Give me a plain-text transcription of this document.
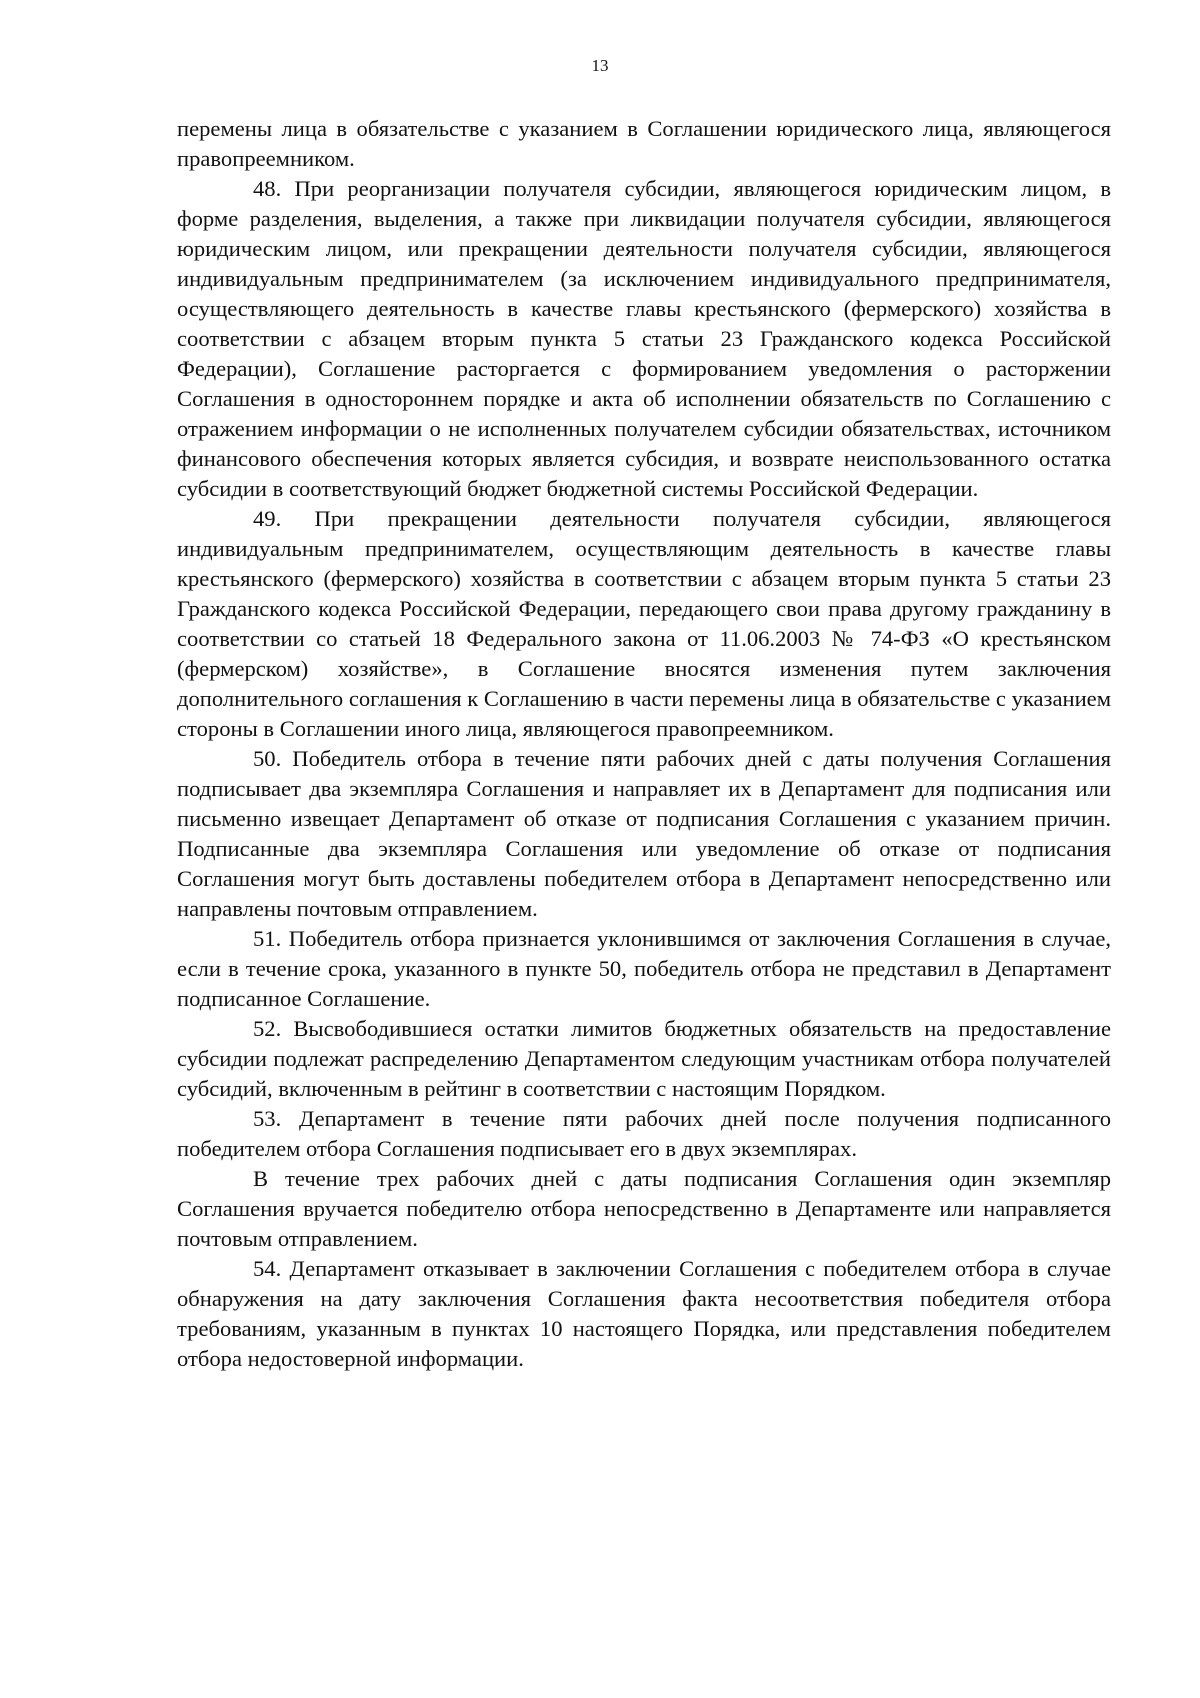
13

перемены лица в обязательстве с указанием в Соглашении юридического лица, являющегося правопреемником.

48. При реорганизации получателя субсидии, являющегося юридическим лицом, в форме разделения, выделения, а также при ликвидации получателя субсидии, являющегося юридическим лицом, или прекращении деятельности получателя субсидии, являющегося индивидуальным предпринимателем (за исключением индивидуального предпринимателя, осуществляющего деятельность в качестве главы крестьянского (фермерского) хозяйства в соответствии с абзацем вторым пункта 5 статьи 23 Гражданского кодекса Российской Федерации), Соглашение расторгается с формированием уведомления о расторжении Соглашения в одностороннем порядке и акта об исполнении обязательств по Соглашению с отражением информации о не исполненных получателем субсидии обязательствах, источником финансового обеспечения которых является субсидия, и возврате неиспользованного остатка субсидии в соответствующий бюджет бюджетной системы Российской Федерации.

49. При прекращении деятельности получателя субсидии, являющегося индивидуальным предпринимателем, осуществляющим деятельность в качестве главы крестьянского (фермерского) хозяйства в соответствии с абзацем вторым пункта 5 статьи 23 Гражданского кодекса Российской Федерации, передающего свои права другому гражданину в соответствии со статьей 18 Федерального закона от 11.06.2003 № 74-ФЗ «О крестьянском (фермерском) хозяйстве», в Соглашение вносятся изменения путем заключения дополнительного соглашения к Соглашению в части перемены лица в обязательстве с указанием стороны в Соглашении иного лица, являющегося правопреемником.

50. Победитель отбора в течение пяти рабочих дней с даты получения Соглашения подписывает два экземпляра Соглашения и направляет их в Департамент для подписания или письменно извещает Департамент об отказе от подписания Соглашения с указанием причин. Подписанные два экземпляра Соглашения или уведомление об отказе от подписания Соглашения могут быть доставлены победителем отбора в Департамент непосредственно или направлены почтовым отправлением.

51. Победитель отбора признается уклонившимся от заключения Соглашения в случае, если в течение срока, указанного в пункте 50, победитель отбора не представил в Департамент подписанное Соглашение.

52. Высвободившиеся остатки лимитов бюджетных обязательств на предоставление субсидии подлежат распределению Департаментом следующим участникам отбора получателей субсидий, включенным в рейтинг в соответствии с настоящим Порядком.

53. Департамент в течение пяти рабочих дней после получения подписанного победителем отбора Соглашения подписывает его в двух экземплярах.

В течение трех рабочих дней с даты подписания Соглашения один экземпляр Соглашения вручается победителю отбора непосредственно в Департаменте или направляется почтовым отправлением.

54. Департамент отказывает в заключении Соглашения с победителем отбора в случае обнаружения на дату заключения Соглашения факта несоответствия победителя отбора требованиям, указанным в пунктах 10 настоящего Порядка, или представления победителем отбора недостоверной информации.
